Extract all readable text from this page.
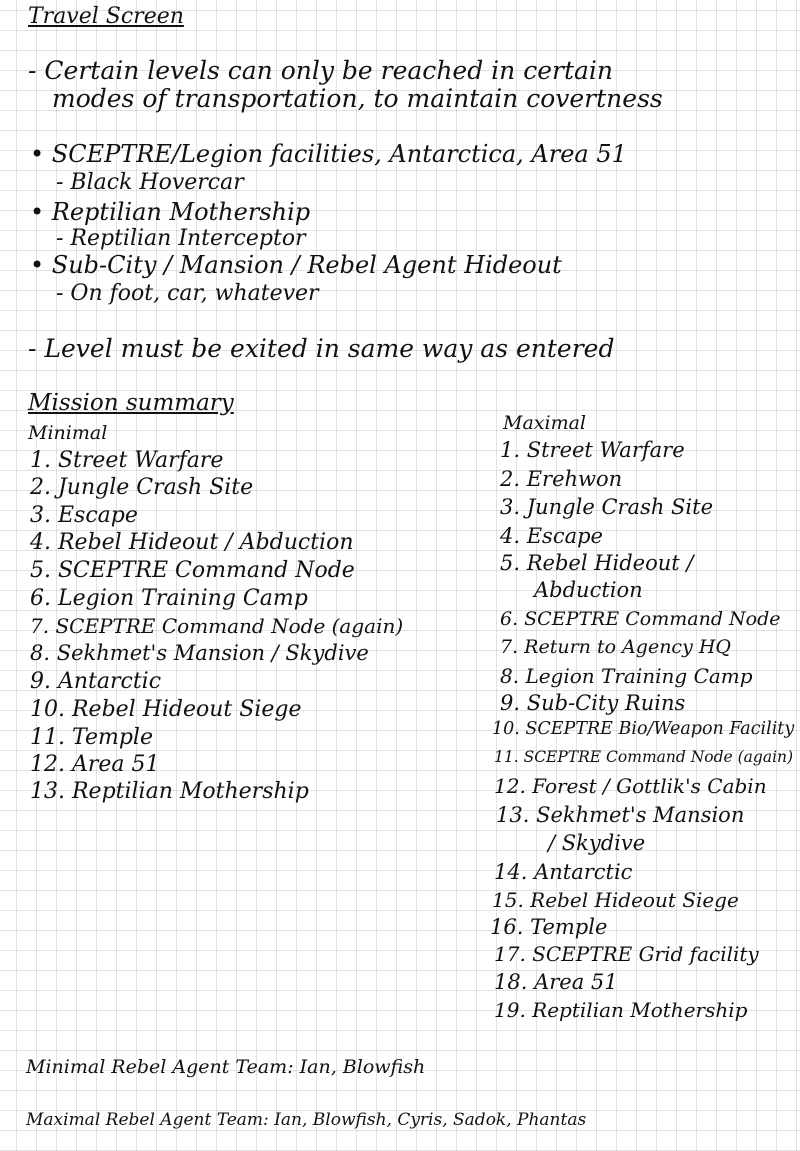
Travel Screen
- Certain levels can only be reached in certain
modes of transportation, to maintain covertness
• SCEPTRE/Legion facilities, Antarctica, Area 51
- Black Hovercar
• Reptilian Mothership
- Reptilian Interceptor
• Sub-City / Mansion / Rebel Agent Hideout
- On foot, car, whatever
- Level must be exited in same way as entered
Mission summary
Minimal	Maximal
1. Street Warfare
2. Jungle Crash Site
3. Escape
4. Rebel Hideout / Abduction
5. SCEPTRE Command Node
6. Legion Training Camp
7. SCEPTRE Command Node (again)
8. Sekhmet's Mansion / Skydive
9. Antarctic
10. Rebel Hideout Siege
11. Temple
12. Area 51
13. Reptilian Mothership
1. Street Warfare
2. Erehwon
3. Jungle Crash Site
4. Escape
5. Rebel Hideout /
Abduction
6. SCEPTRE Command Node
7. Return to Agency HQ
8. Legion Training Camp
9. Sub-City Ruins
10. SCEPTRE Bio/Weapon Facility
11. SCEPTRE Command Node (again)
12. Forest / Gottlik's Cabin
13. Sekhmet's Mansion
/ Skydive
14. Antarctic
15. Rebel Hideout Siege
16. Temple
17. SCEPTRE Grid facility
18. Area 51
19. Reptilian Mothership
Minimal Rebel Agent Team: Ian, Blowfish
Maximal Rebel Agent Team: Ian, Blowfish, Cyris, Sadok, Phantas
